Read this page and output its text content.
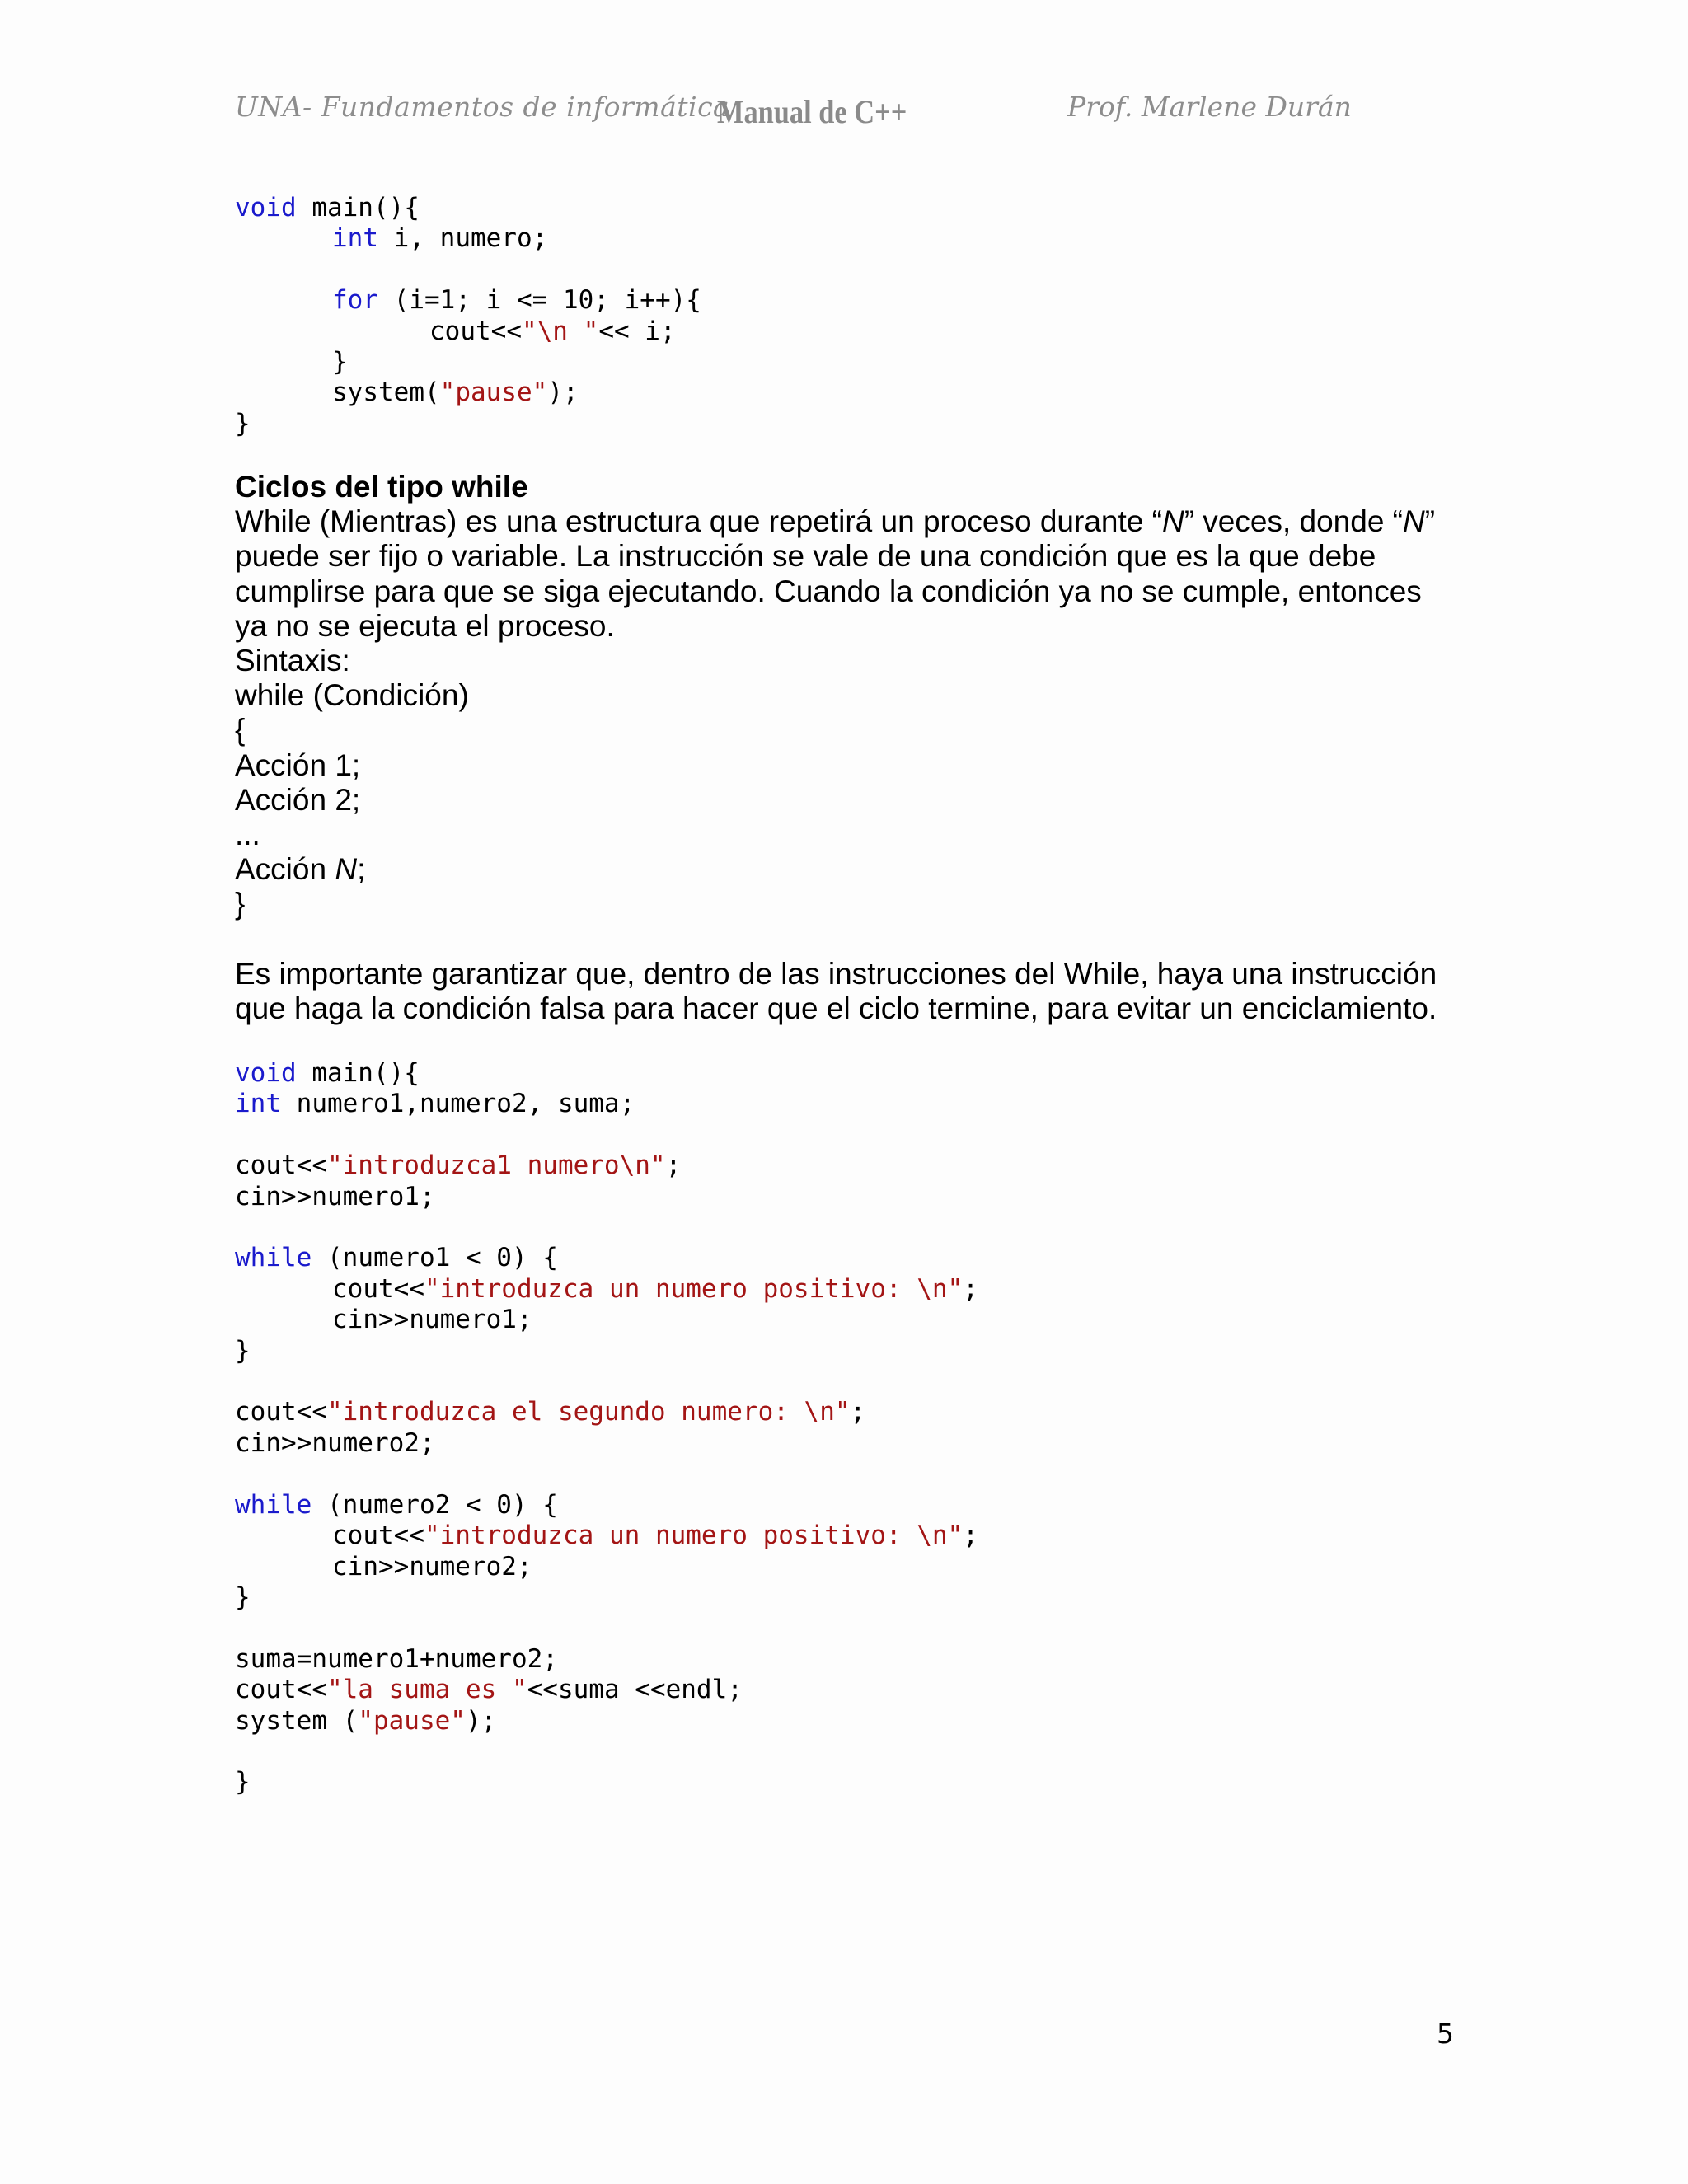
UNA- Fundamentos de informática
Manual de C++	Prof. Marlene Durán
void main(){
int i, numero;

for (i=1; i <= 10; i++){
cout<<"\n "<< i;
}
system("pause");
}

Ciclos del tipo while

While (Mientras) es una estructura que repetirá un proceso durante “N” veces, donde “N” puede ser fijo o variable. La instrucción se vale de una condición que es la que debe cumplirse para que se siga ejecutando. Cuando la condición ya no se cumple, entonces ya no se ejecuta el proceso.

Sintaxis:

while (Condición)

{

Acción 1;

Acción 2;

...

Acción N;

}

Es importante garantizar que, dentro de las instrucciones del While, haya una instrucción que haga la condición falsa para hacer que el ciclo termine, para evitar un enciclamiento.

void main(){
int numero1,numero2, suma;

cout<<"introduzca1 numero\n";
cin>>numero1;

while (numero1 < 0) {
cout<<"introduzca un numero positivo: \n";
cin>>numero1;
}

cout<<"introduzca el segundo numero: \n";
cin>>numero2;

while (numero2 < 0) {
cout<<"introduzca un numero positivo: \n";
cin>>numero2;
}

suma=numero1+numero2;
cout<<"la suma es "<<suma <<endl;
system ("pause");

}
5
